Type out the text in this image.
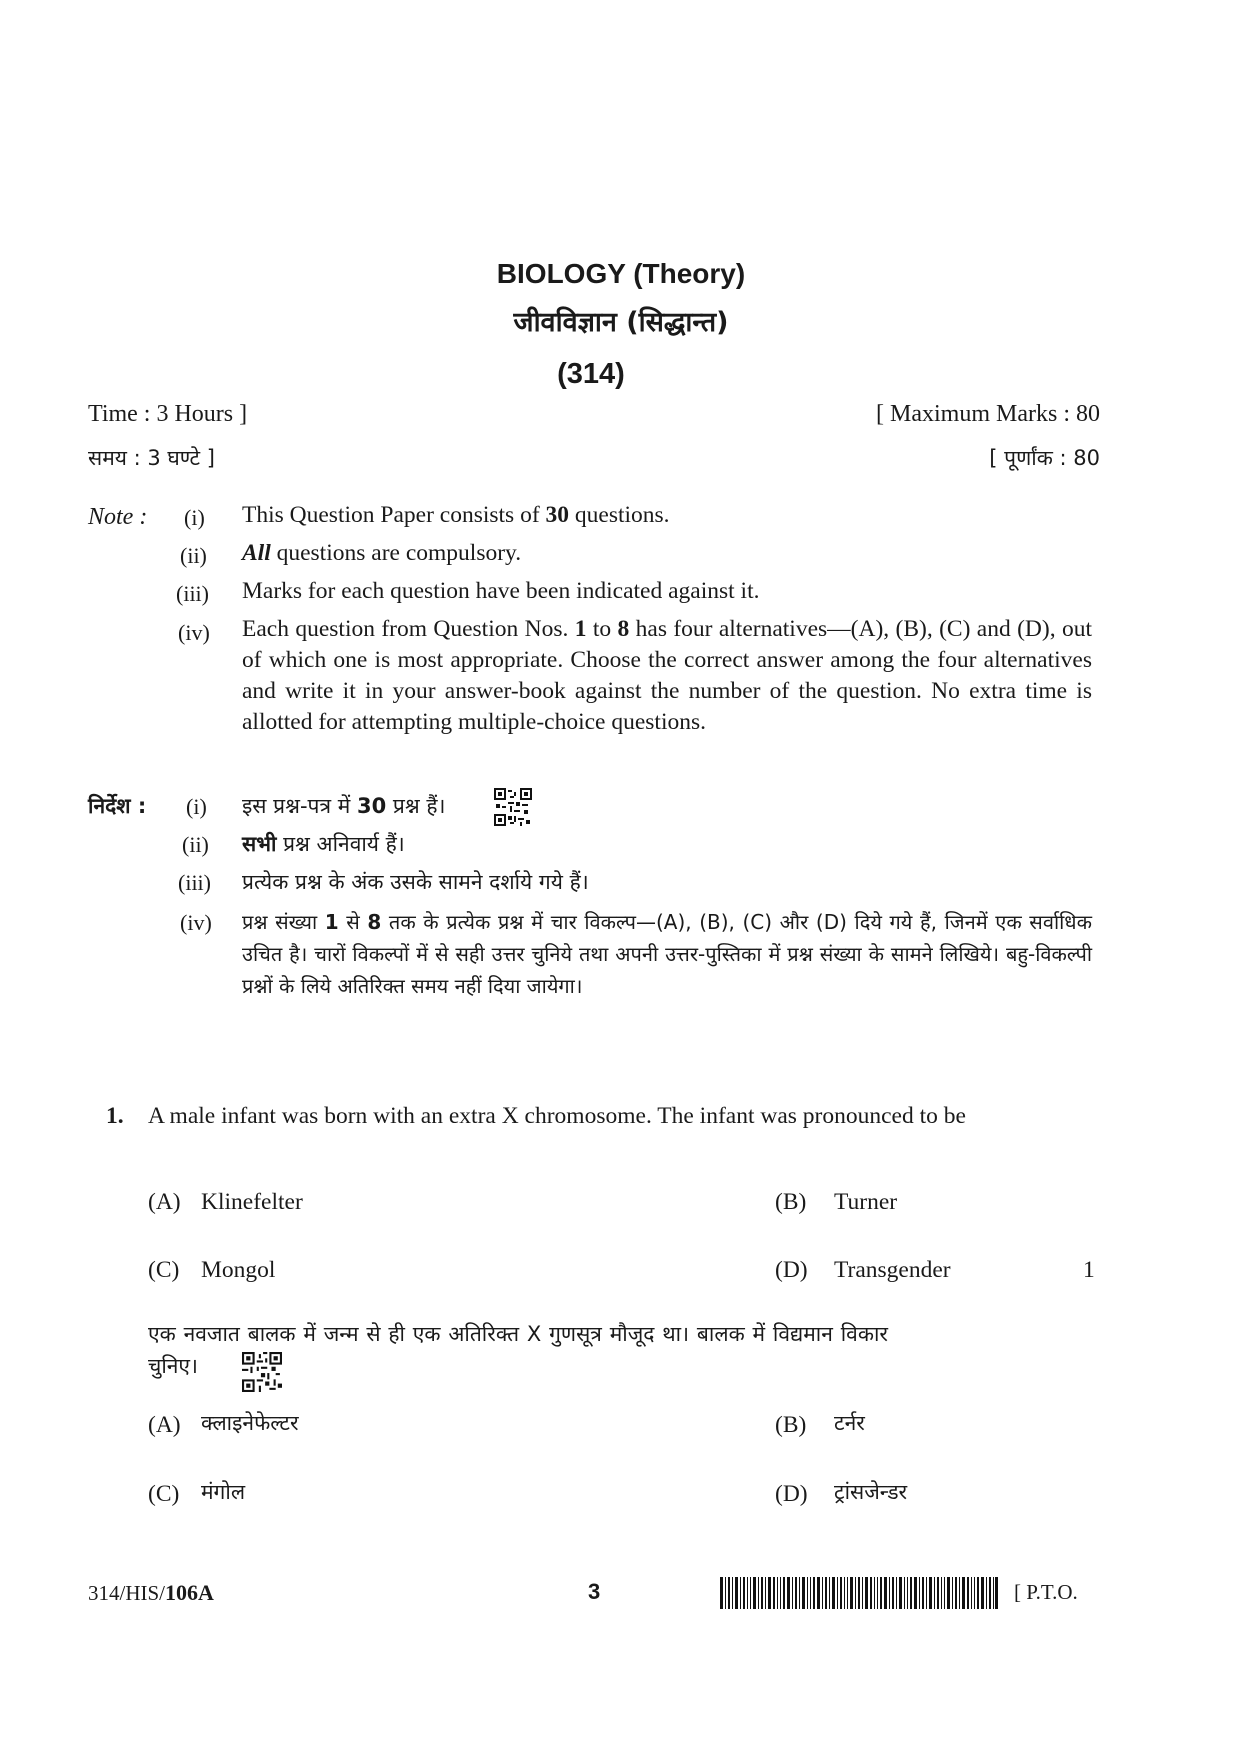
BIOLOGY (Theory)
जीवविज्ञान (सिद्धान्त)
(314)
Time : 3 Hours ]	[ Maximum Marks : 80
समय : 3 घण्टे ]	[ पूर्णांक : 80
Note : (i) This Question Paper consists of 30 questions.
(ii) All questions are compulsory.
(iii) Marks for each question have been indicated against it.
(iv) Each question from Question Nos. 1 to 8 has four alternatives—(A), (B), (C) and (D), out of which one is most appropriate. Choose the correct answer among the four alternatives and write it in your answer-book against the number of the question. No extra time is allotted for attempting multiple-choice questions.
निर्देश : (i) इस प्रश्न-पत्र में 30 प्रश्न हैं।
(ii) सभी प्रश्न अनिवार्य हैं।
(iii) प्रत्येक प्रश्न के अंक उसके सामने दर्शाये गये हैं।
(iv) प्रश्न संख्या 1 से 8 तक के प्रत्येक प्रश्न में चार विकल्प—(A), (B), (C) और (D) दिये गये हैं, जिनमें एक सर्वाधिक उचित है। चारों विकल्पों में से सही उत्तर चुनिये तथा अपनी उत्तर-पुस्तिका में प्रश्न संख्या के सामने लिखिये। बहु-विकल्पी प्रश्नों के लिये अतिरिक्त समय नहीं दिया जायेगा।
1. A male infant was born with an extra X chromosome. The infant was pronounced to be
(A) Klinefelter	(B) Turner
(C) Mongol	(D) Transgender	1
एक नवजात बालक में जन्म से ही एक अतिरिक्त X गुणसूत्र मौजूद था। बालक में विद्यमान विकार चुनिए।
(A) क्लाइनेफेल्टर	(B) टर्नर
(C) मंगोल	(D) ट्रांसजेन्डर
314/HIS/106A	3	[ P.T.O.
